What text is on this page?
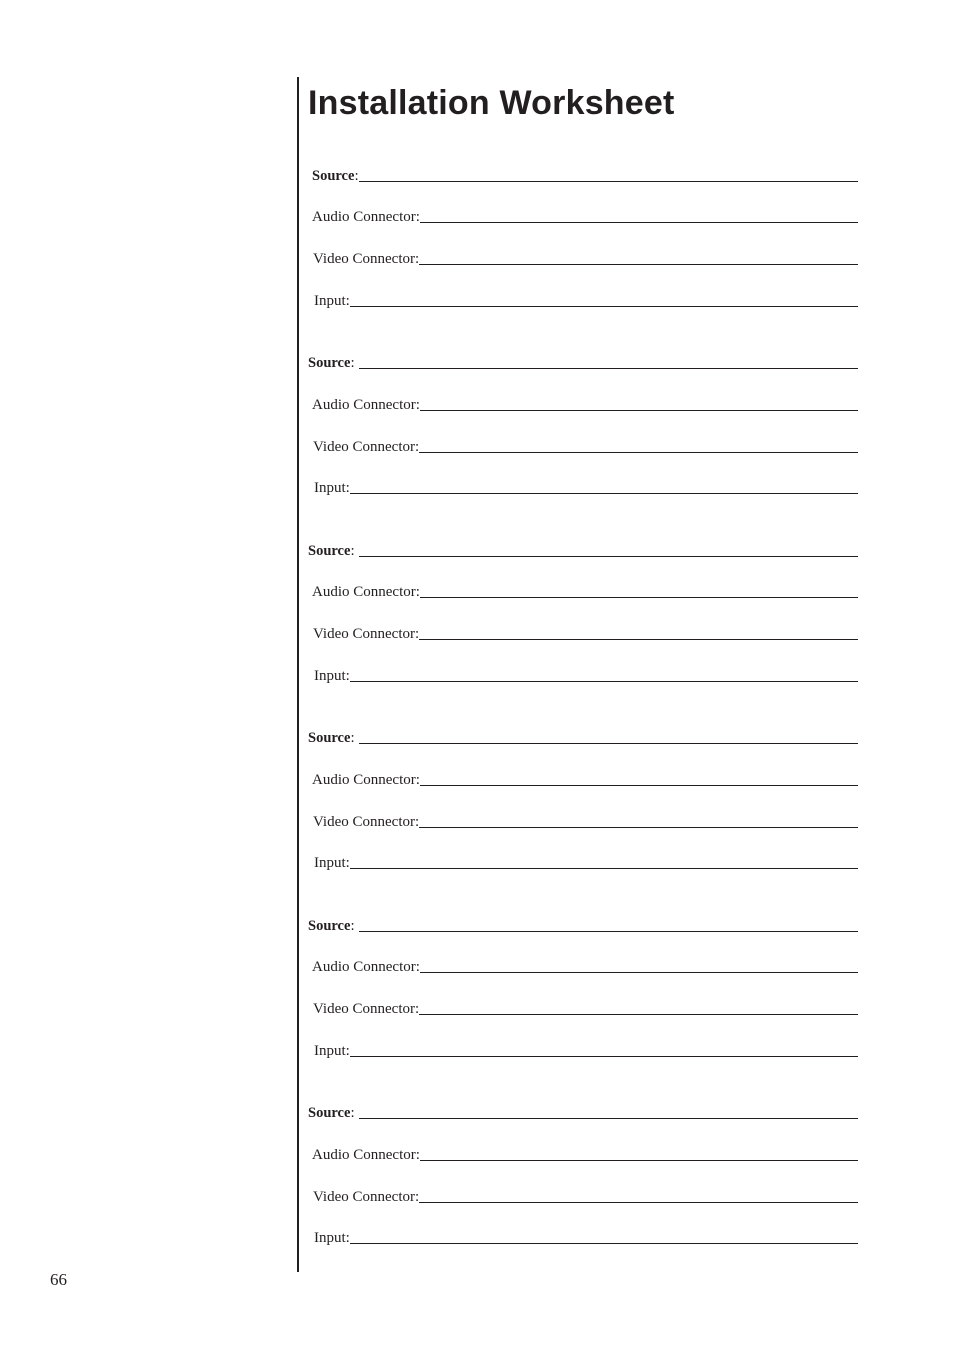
Installation Worksheet
Source :
Audio Connector:
Video Connector:
Input:
Source :
Audio Connector:
Video Connector:
Input:
Source :
Audio Connector:
Video Connector:
Input:
Source :
Audio Connector:
Video Connector:
Input:
Source :
Audio Connector:
Video Connector:
Input:
Source :
Audio Connector:
Video Connector:
Input:
66
